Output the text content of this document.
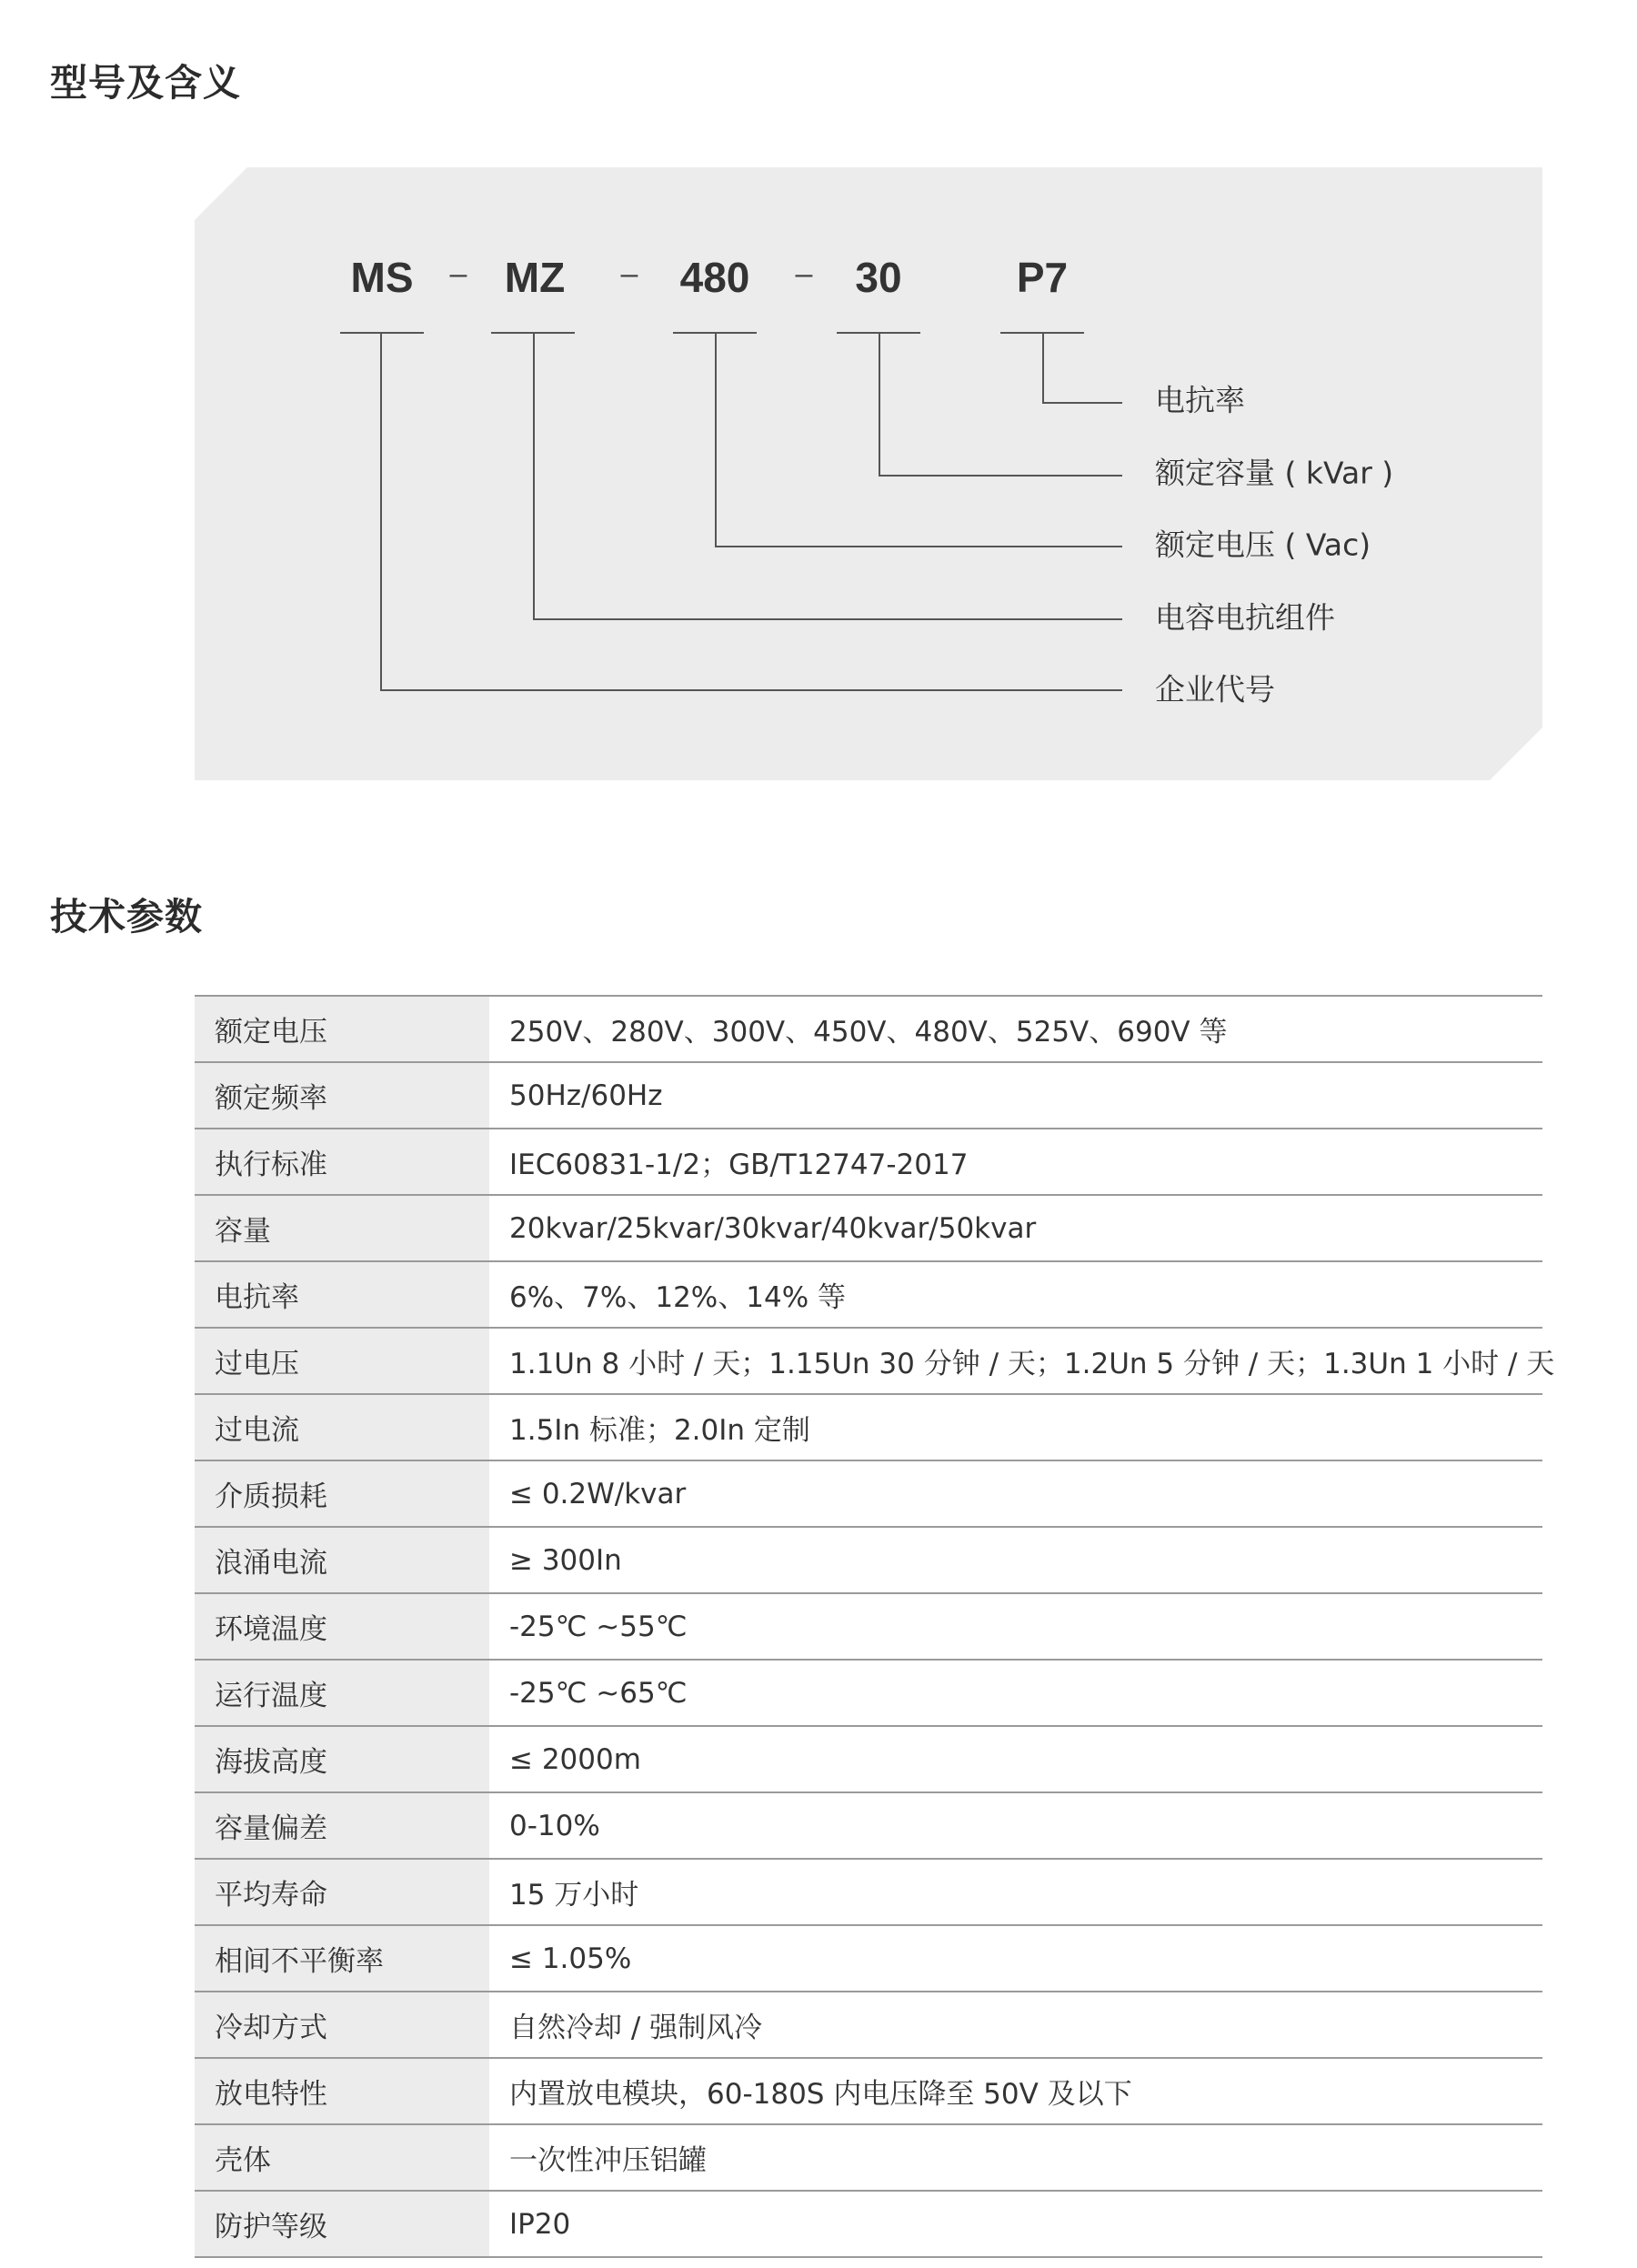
型号及含义
MS – MZ – 480 – 30	P7
电抗率
额定容量 ( kVar )
额定电压 ( Vac)
电容电抗组件
企业代号
技术参数
额定电压	250V、280V、300V、450V、480V、525V、690V 等
额定频率	50Hz/60Hz
执行标准	IEC60831-1/2；GB/T12747-2017
容量	20kvar/25kvar/30kvar/40kvar/50kvar
电抗率	6%、7%、12%、14% 等
过电压	1.1Un 8 小时 / 天；1.15Un 30 分钟 / 天；1.2Un 5 分钟 / 天；1.3Un 1 小时 / 天
过电流	1.5In 标准；2.0In 定制
介质损耗	≤ 0.2W/kvar
浪涌电流	≥ 300In
环境温度	-25℃ ~55℃
运行温度	-25℃ ~65℃
海拔高度	≤ 2000m
容量偏差	0-10%
平均寿命	15 万小时
相间不平衡率	≤ 1.05%
冷却方式	自然冷却 / 强制风冷
放电特性	内置放电模块，60-180S 内电压降至 50V 及以下
壳体	一次性冲压铝罐
防护等级	IP20
